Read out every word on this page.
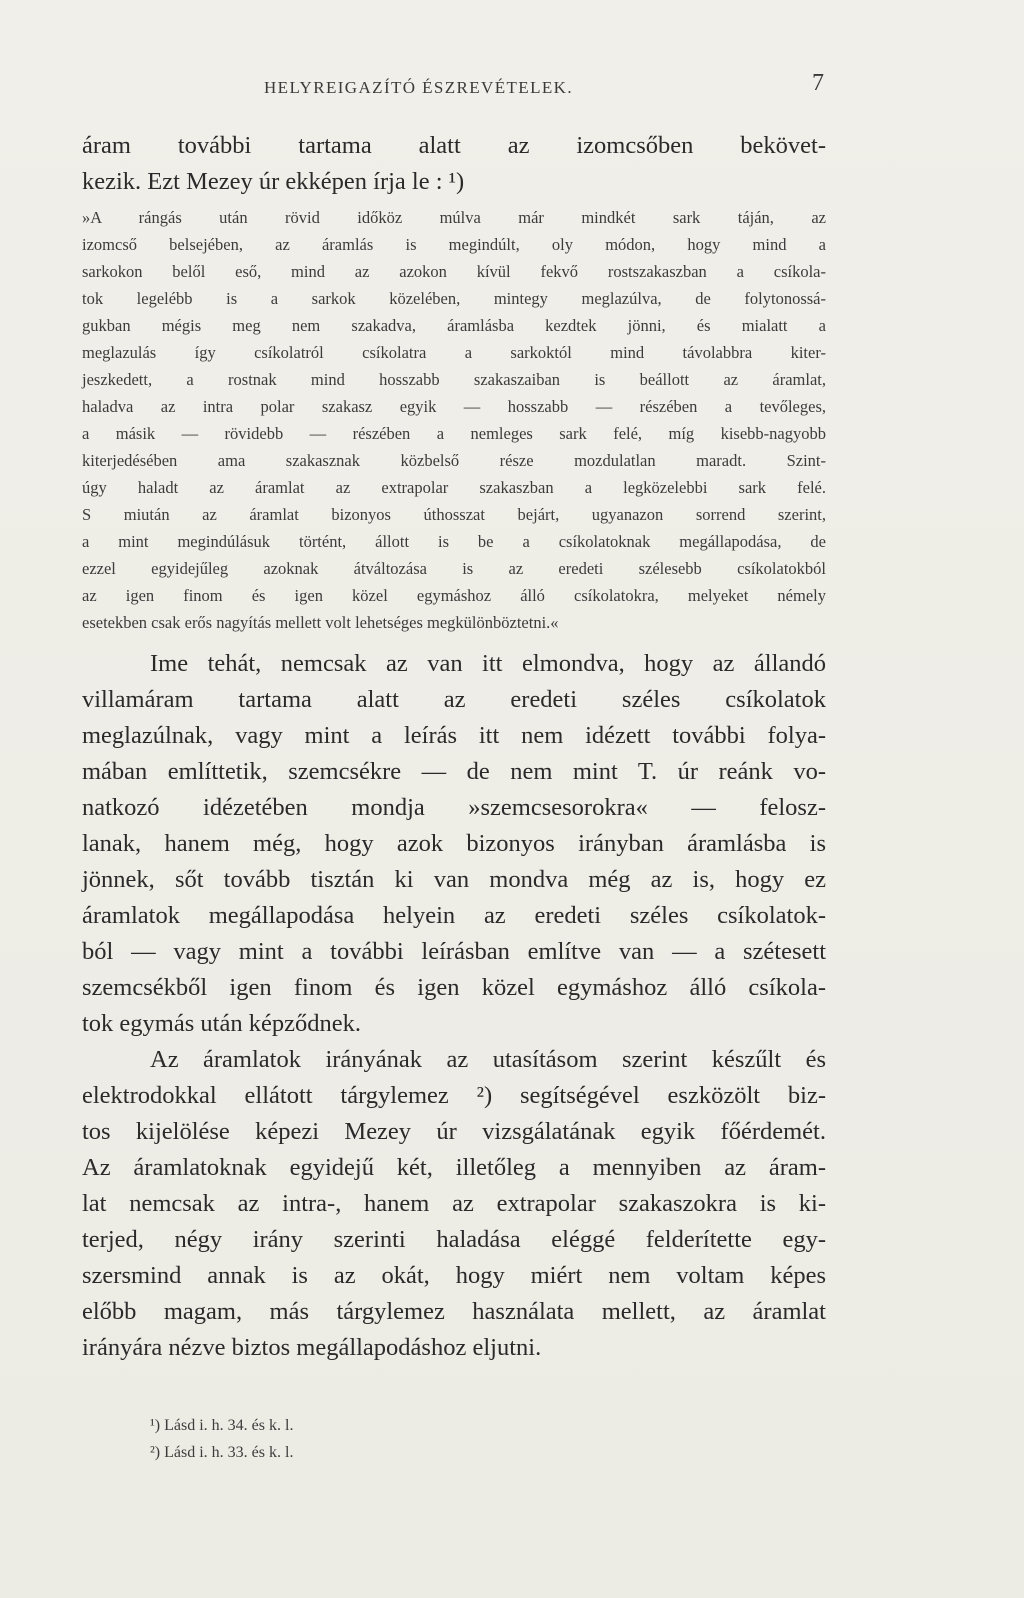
HELYREIGAZÍTÓ ÉSZREVÉTELEK.	7
áram további tartama alatt az izomcsőben bekövet-
kezik. Ezt Mezey úr ekképen írja le : ¹)
»A rángás után rövid időköz múlva már mindkét sark táján, az
izomcső belsejében, az áramlás is megindúlt, oly módon, hogy mind a
sarkokon belől eső, mind az azokon kívül fekvő rostszakaszban a csíkola-
tok legelébb is a sarkok közelében, mintegy meglazúlva, de folytonossá-
gukban mégis meg nem szakadva, áramlásba kezdtek jönni, és mialatt a
meglazulás így csíkolatról csíkolatra a sarkoktól mind távolabbra kiter-
jeszkedett, a rostnak mind hosszabb szakaszaiban is beállott az áramlat,
haladva az intra polar szakasz egyik — hosszabb — részében a tevőleges,
a másik — rövidebb — részében a nemleges sark felé, míg kisebb-nagyobb
kiterjedésében ama szakasznak közbelső része mozdulatlan maradt. Szint-
úgy haladt az áramlat az extrapolar szakaszban a legközelebbi sark felé.
S miután az áramlat bizonyos úthosszat bejárt, ugyanazon sorrend szerint,
a mint megindúlásuk történt, állott is be a csíkolatoknak megállapodása, de
ezzel egyidejűleg azoknak átváltozása is az eredeti szélesebb csíkolatokból
az igen finom és igen közel egymáshoz álló csíkolatokra, melyeket némely
esetekben csak erős nagyítás mellett volt lehetséges megkülönböztetni.«
Ime tehát, nemcsak az van itt elmondva, hogy az állandó
villamáram tartama alatt az eredeti széles csíkolatok
meglazúlnak, vagy mint a leírás itt nem idézett további folya-
mában említtetik, szemcsékre — de nem mint T. úr reánk vo-
natkozó idézetében mondja »szemcsesorokra« — felosz-
lanak, hanem még, hogy azok bizonyos irányban áramlásba is
jönnek, sőt tovább tisztán ki van mondva még az is, hogy ez
áramlatok megállapodása helyein az eredeti széles csíkolatok-
ból — vagy mint a további leírásban említve van — a szétesett
szemcsékből igen finom és igen közel egymáshoz álló csíkola-
tok egymás után képződnek.
Az áramlatok irányának az utasításom szerint készűlt és
elektrodokkal ellátott tárgylemez ²) segítségével eszközölt biz-
tos kijelölése képezi Mezey úr vizsgálatának egyik főérdemét.
Az áramlatoknak egyidejű két, illetőleg a mennyiben az áram-
lat nemcsak az intra-, hanem az extrapolar szakaszokra is ki-
terjed, négy irány szerinti haladása eléggé felderítette egy-
szersmind annak is az okát, hogy miért nem voltam képes
előbb magam, más tárgylemez használata mellett, az áramlat
irányára nézve biztos megállapodáshoz eljutni.
¹) Lásd i. h. 34. és k. l.
²) Lásd i. h. 33. és k. l.
